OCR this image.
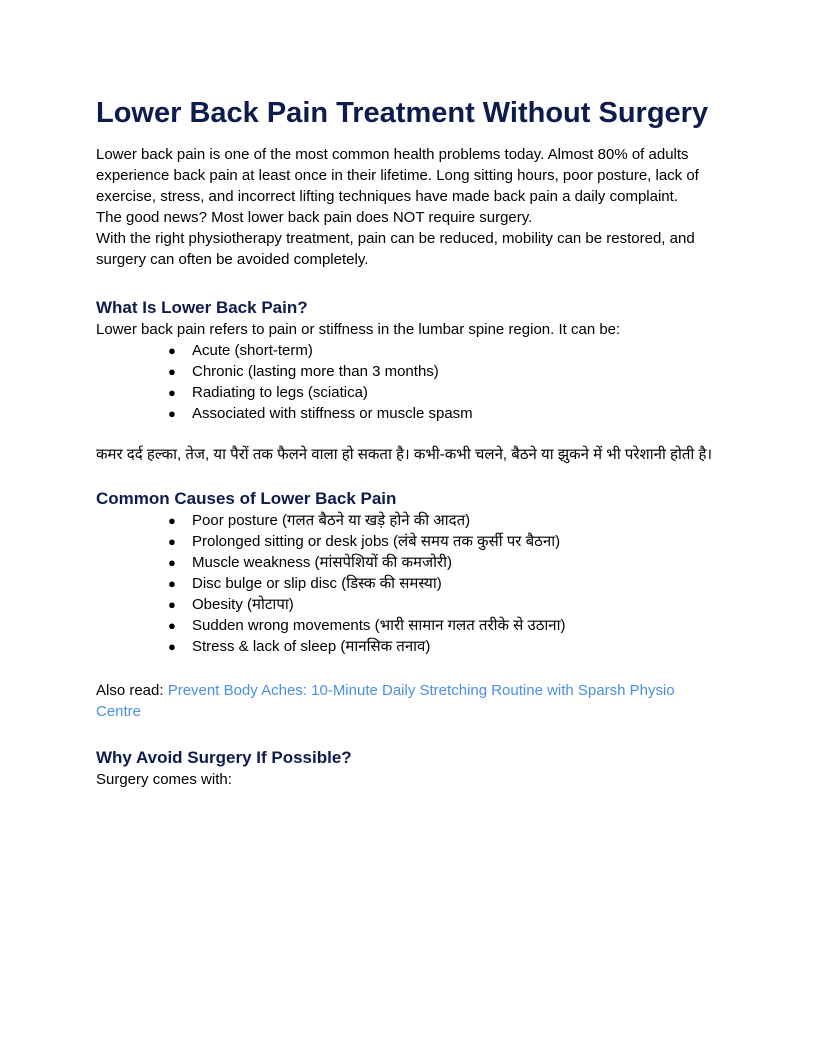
Lower Back Pain Treatment Without Surgery

Lower back pain is one of the most common health problems today. Almost 80% of adults experience back pain at least once in their lifetime. Long sitting hours, poor posture, lack of exercise, stress, and incorrect lifting techniques have made back pain a daily complaint.

The good news? Most lower back pain does NOT require surgery.

With the right physiotherapy treatment, pain can be reduced, mobility can be restored, and surgery can often be avoided completely.

What Is Lower Back Pain?

Lower back pain refers to pain or stiffness in the lumbar spine region. It can be:

●	Acute (short-term)
●	Chronic (lasting more than 3 months)
●	Radiating to legs (sciatica)
●	Associated with stiffness or muscle spasm

कमर दर्द हल्का, तेज, या पैरों तक फैलने वाला हो सकता है। कभी-कभी चलने, बैठने या झुकने में भी परेशानी होती है।

Common Causes of Lower Back Pain
●	Poor posture (गलत बैठने या खड़े होने की आदत)
●	Prolonged sitting or desk jobs (लंबे समय तक कुर्सी पर बैठना)
●	Muscle weakness (मांसपेशियों की कमजोरी)
●	Disc bulge or slip disc (डिस्क की समस्या)
●	Obesity (मोटापा)
●	Sudden wrong movements (भारी सामान गलत तरीके से उठाना)
●	Stress & lack of sleep (मानसिक तनाव)

Also read: Prevent Body Aches: 10-Minute Daily Stretching Routine with Sparsh Physio Centre

Why Avoid Surgery If Possible?

Surgery comes with:
